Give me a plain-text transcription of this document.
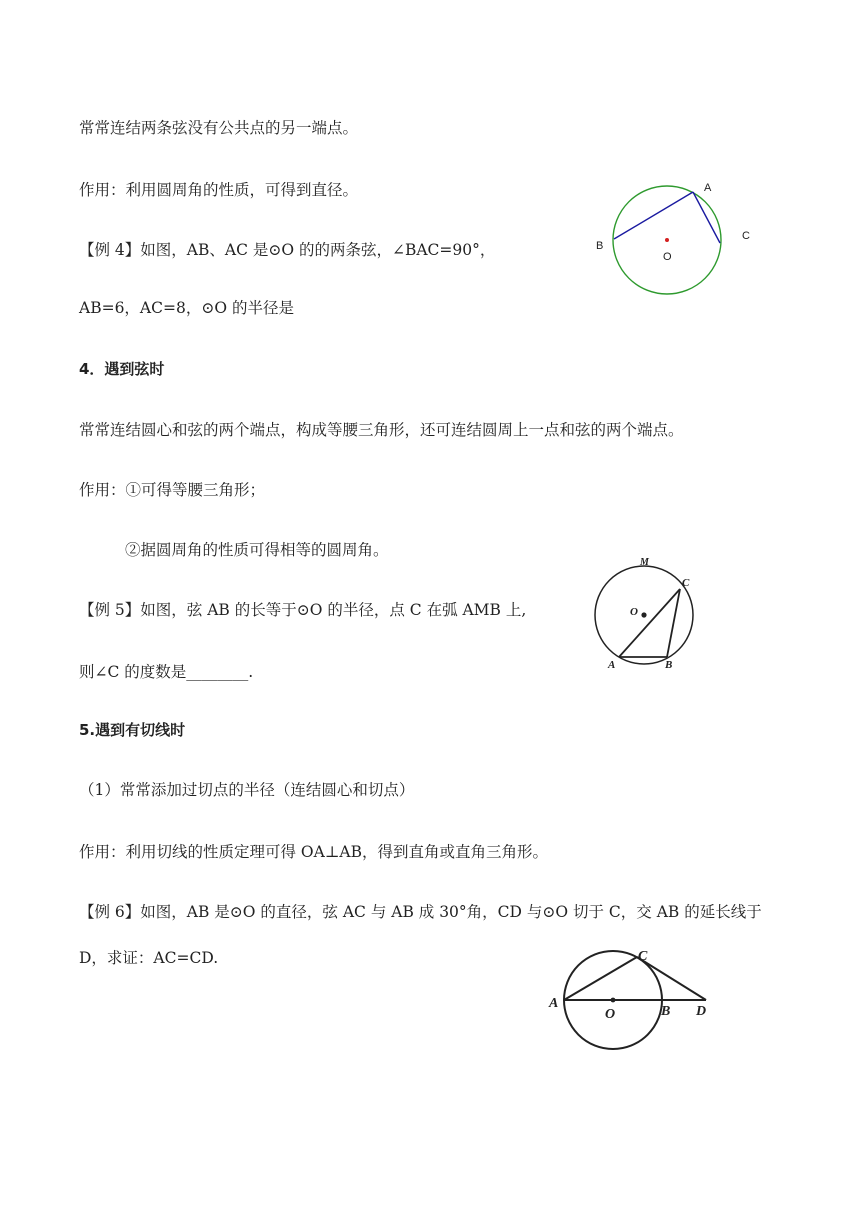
常常连结两条弦没有公共点的另一端点。
作用：利用圆周角的性质，可得到直径。
【例 4】如图，AB、AC 是⊙O 的的两条弦，∠BAC=90°，
AB=6，AC=8，⊙O 的半径是
4．遇到弦时
常常连结圆心和弦的两个端点，构成等腰三角形，还可连结圆周上一点和弦的两个端点。
作用：①可得等腰三角形；
②据圆周角的性质可得相等的圆周角。
【例 5】如图，弦 AB 的长等于⊙O 的半径，点 C 在弧 AMB 上,
则∠C 的度数是________.
5.遇到有切线时
（1）常常添加过切点的半径（连结圆心和切点）
作用：利用切线的性质定理可得 OA⊥AB，得到直角或直角三角形。
【例 6】如图，AB 是⊙O 的直径，弦 AC 与 AB 成 30°角，CD 与⊙O 切于 C，交 AB 的延长线于
D，求证：AC=CD.
A
B
C
O
M
C
O
A	B
A
C
O	B D
